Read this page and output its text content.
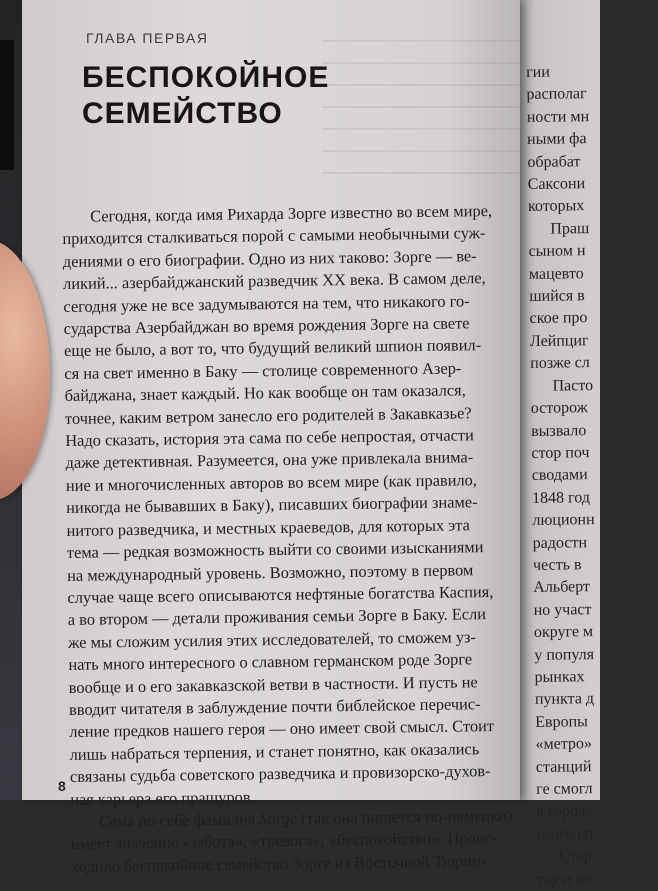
гии
располаг
ности мн
ными фа
обрабат
Саксони
которых
Праш
сыном н
мацевто
шийся в
ское про
Лейпциг
позже сл
Пасто
осторож
вызвало
стор поч
сводами
1848 год
люционн
радостн
честь в
Альберт
но участ
округе м
у популя
рынках
пункта д
Европы
«метро»
станций
ге смогл
в городе
ского сп
Стар
тау и по
ГЛАВА ПЕРВАЯ
БЕСПОКОЙНОЕ
СЕМЕЙСТВО
Сегодня, когда имя Рихарда Зорге известно во всем мире,
приходится сталкиваться порой с самыми необычными суж-
дениями о его биографии. Одно из них таково: Зорге — ве-
ликий... азербайджанский разведчик XX века. В самом деле,
сегодня уже не все задумываются на тем, что никакого го-
сударства Азербайджан во время рождения Зорге на свете
еще не было, а вот то, что будущий великий шпион появил-
ся на свет именно в Баку — столице современного Азер-
байджана, знает каждый. Но как вообще он там оказался,
точнее, каким ветром занесло его родителей в Закавказье?
Надо сказать, история эта сама по себе непростая, отчасти
даже детективная. Разумеется, она уже привлекала внима-
ние и многочисленных авторов во всем мире (как правило,
никогда не бывавших в Баку), писавших биографии знаме-
нитого разведчика, и местных краеведов, для которых эта
тема — редкая возможность выйти со своими изысканиями
на международный уровень. Возможно, поэтому в первом
случае чаще всего описываются нефтяные богатства Каспия,
а во втором — детали проживания семьи Зорге в Баку. Если
же мы сложим усилия этих исследователей, то сможем уз-
нать много интересного о славном германском роде Зорге
вообще и о его закавказской ветви в частности. И пусть не
вводит читателя в заблуждение почти библейское перечис-
ление предков нашего героя — оно имеет свой смысл. Стоит
лишь набраться терпения, и станет понятно, как оказались
связаны судьба советского разведчика и провизорско-духов-
ная карьера его пращуров.
Сама по себе фамилия Sorge (так она пишется по-немецки)
имеет значение «забота», «тревога», «беспокойство». Проис-
ходило беспокойное семейство Зорге из Восточной Тюрин-
8
